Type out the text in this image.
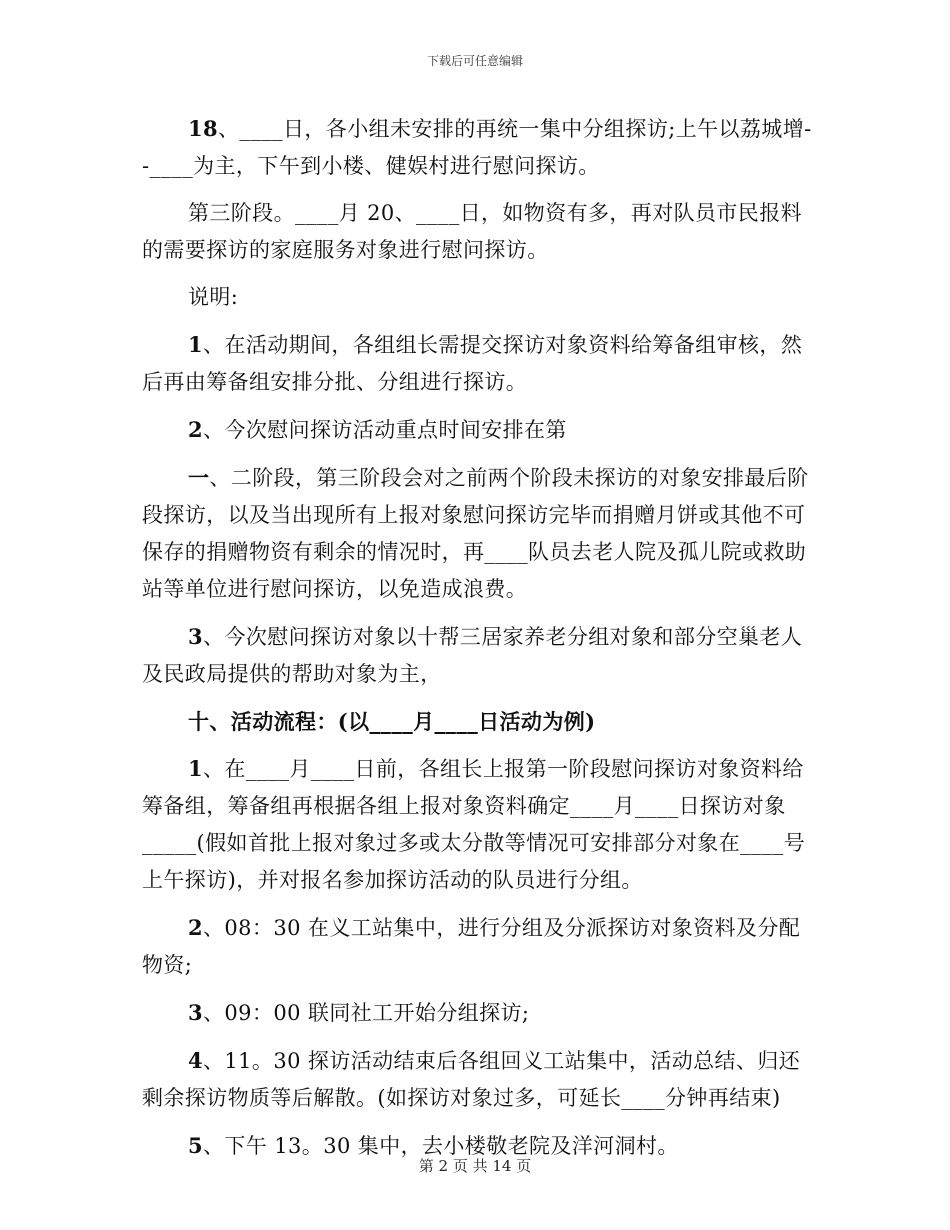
下载后可任意编辑

18、____日，各小组未安排的再统一集中分组探访;上午以荔城增--____为主，下午到小楼、健娱村进行慰问探访。

第三阶段。____月 20、____日，如物资有多，再对队员市民报料的需要探访的家庭服务对象进行慰问探访。

说明:

1、在活动期间，各组组长需提交探访对象资料给筹备组审核，然后再由筹备组安排分批、分组进行探访。

2、今次慰问探访活动重点时间安排在第

一、二阶段，第三阶段会对之前两个阶段未探访的对象安排最后阶段探访，以及当出现所有上报对象慰问探访完毕而捐赠月饼或其他不可保存的捐赠物资有剩余的情况时，再____队员去老人院及孤儿院或救助站等单位进行慰问探访，以免造成浪费。

3、今次慰问探访对象以十帮三居家养老分组对象和部分空巢老人及民政局提供的帮助对象为主，

十、活动流程：(以____月____日活动为例)

1、在____月____日前，各组长上报第一阶段慰问探访对象资料给筹备组，筹备组再根据各组上报对象资料确定____月____日探访对象_____(假如首批上报对象过多或太分散等情况可安排部分对象在____号上午探访)，并对报名参加探访活动的队员进行分组。

2、08：30 在义工站集中，进行分组及分派探访对象资料及分配物资;

3、09：00 联同社工开始分组探访;

4、11。30 探访活动结束后各组回义工站集中，活动总结、归还剩余探访物质等后解散。(如探访对象过多，可延长____分钟再结束)

5、下午 13。30 集中，去小楼敬老院及洋河洞村。

第 2 页 共 14 页
